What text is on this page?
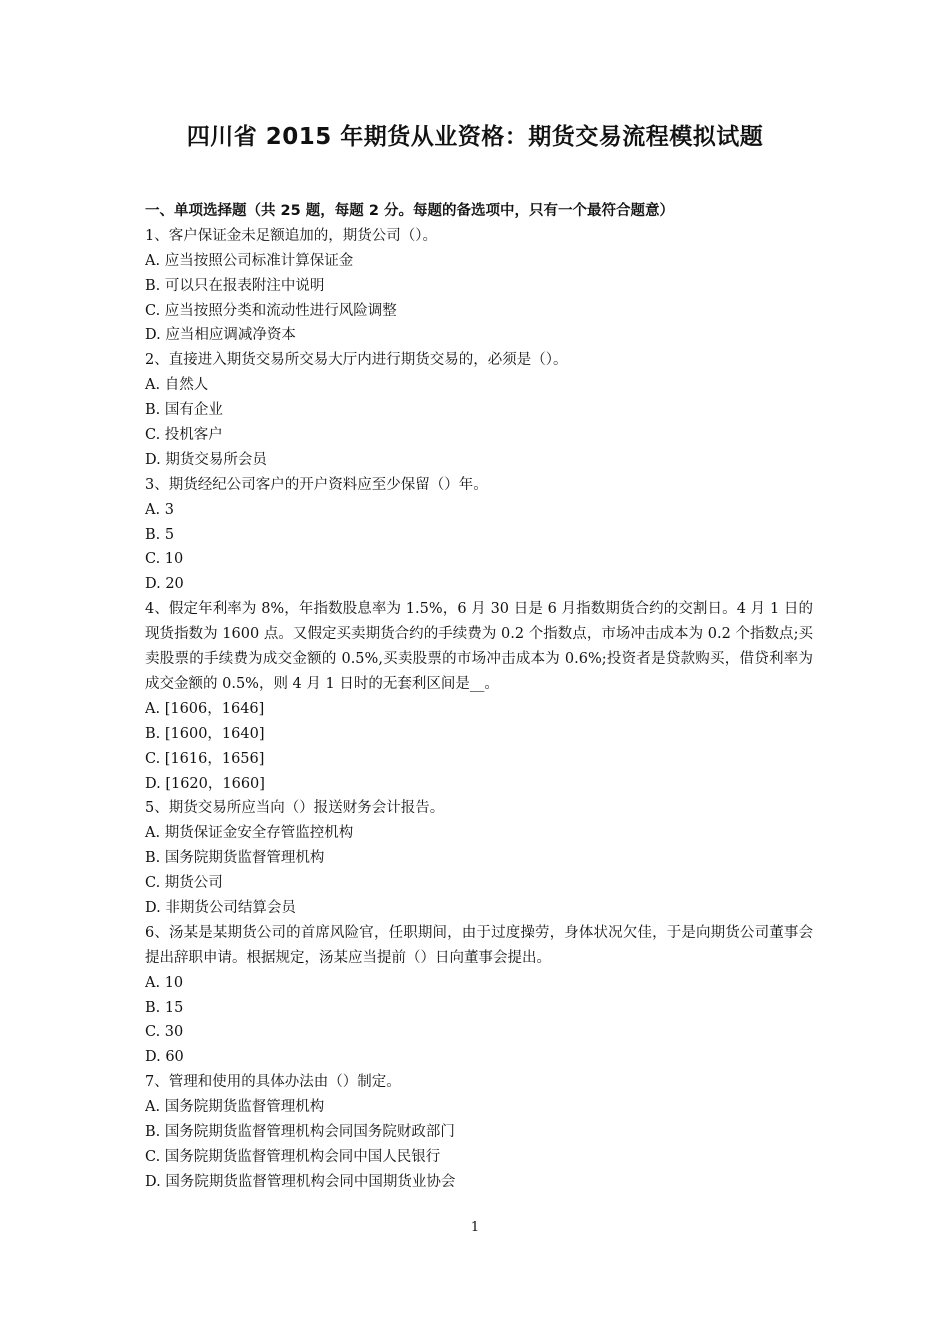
四川省 2015 年期货从业资格：期货交易流程模拟试题
一、单项选择题（共 25 题，每题 2 分。每题的备选项中，只有一个最符合题意）
1、客户保证金未足额追加的，期货公司（）。
A. 应当按照公司标准计算保证金
B. 可以只在报表附注中说明
C. 应当按照分类和流动性进行风险调整
D. 应当相应调减净资本
2、直接进入期货交易所交易大厅内进行期货交易的，必须是（）。
A. 自然人
B. 国有企业
C. 投机客户
D. 期货交易所会员
3、期货经纪公司客户的开户资料应至少保留（）年。
A. 3
B. 5
C. 10
D. 20
4、假定年利率为 8%，年指数股息率为 1.5%，6 月 30 日是 6 月指数期货合约的交割日。4 月 1 日的现货指数为 1600 点。又假定买卖期货合约的手续费为 0.2 个指数点，市场冲击成本为 0.2 个指数点;买卖股票的手续费为成交金额的 0.5%,买卖股票的市场冲击成本为 0.6%;投资者是贷款购买，借贷利率为成交金额的 0.5%，则 4 月 1 日时的无套利区间是__。
A. [1606，1646]
B. [1600，1640]
C. [1616，1656]
D. [1620，1660]
5、期货交易所应当向（）报送财务会计报告。
A. 期货保证金安全存管监控机构
B. 国务院期货监督管理机构
C. 期货公司
D. 非期货公司结算会员
6、汤某是某期货公司的首席风险官，任职期间，由于过度操劳，身体状况欠佳，于是向期货公司董事会提出辞职申请。根据规定，汤某应当提前（）日向董事会提出。
A. 10
B. 15
C. 30
D. 60
7、管理和使用的具体办法由（）制定。
A. 国务院期货监督管理机构
B. 国务院期货监督管理机构会同国务院财政部门
C. 国务院期货监督管理机构会同中国人民银行
D. 国务院期货监督管理机构会同中国期货业协会
1
